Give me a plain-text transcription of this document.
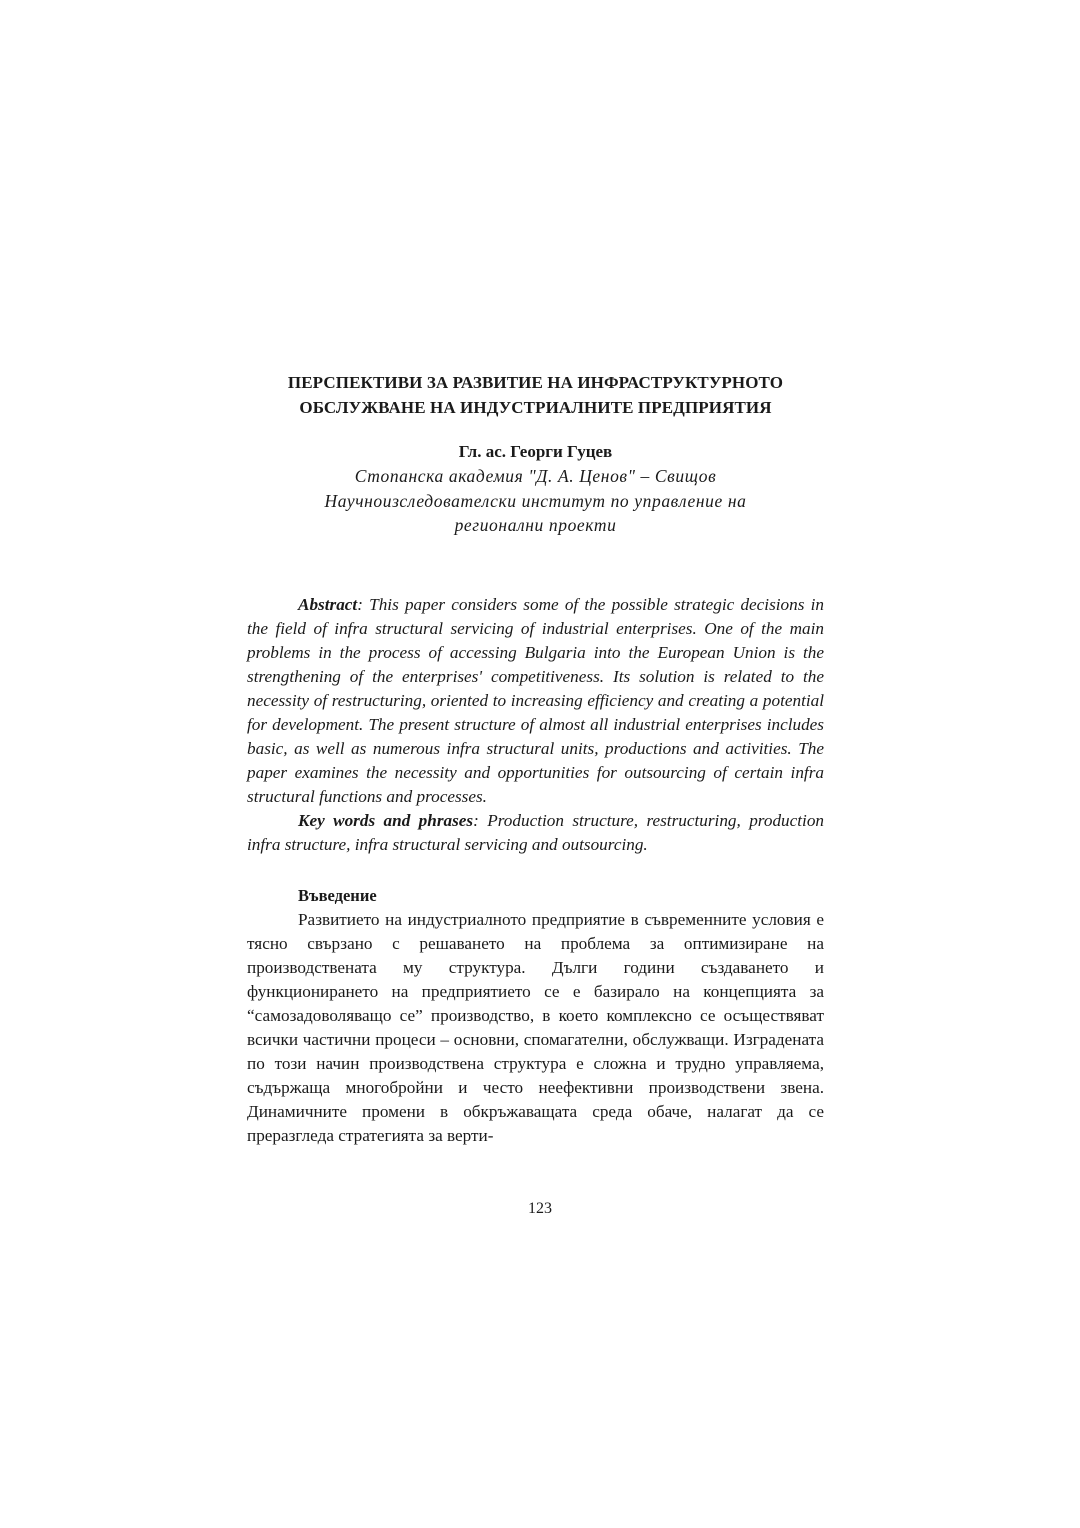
ПЕРСПЕКТИВИ ЗА РАЗВИТИЕ НА ИНФРАСТРУКТУРНОТО
ОБСЛУЖВАНЕ НА ИНДУСТРИАЛНИТЕ ПРЕДПРИЯТИЯ

Гл. ас. Георги Гуцев

Стопанска академия "Д. А. Ценов" – Свищов

Научноизследователски институт по управление на

регионални проекти

Abstract: This paper considers some of the possible strategic decisions in the field of infra structural servicing of industrial enterprises. One of the main problems in the process of accessing Bulgaria into the European Union is the strengthening of the enterprises' competitiveness. Its solution is related to the necessity of restructuring, oriented to increasing efficiency and creating a potential for development. The present structure of almost all industrial enterprises includes basic, as well as numerous infra structural units, productions and activities. The paper examines the necessity and opportunities for outsourcing of certain infra structural functions and processes.

Key words and phrases: Production structure, restructuring, production infra structure, infra structural servicing and outsourcing.

Въведение

Развитието на индустриалното предприятие в съвременните условия е тясно свързано с решаването на проблема за оптимизиране на производствената му структура. Дълги години създаването и функционирането на предприятието се е базирало на концепцията за “самозадоволяващо се” производство, в което комплексно се осъществяват всички частични процеси – основни, спомагателни, обслужващи. Изградената по този начин производствена структура е сложна и трудно управляема, съдържаща многобройни и често неефективни производствени звена. Динамичните промени в обкръжаващата среда обаче, налагат да се преразгледа стратегията за верти-

123
